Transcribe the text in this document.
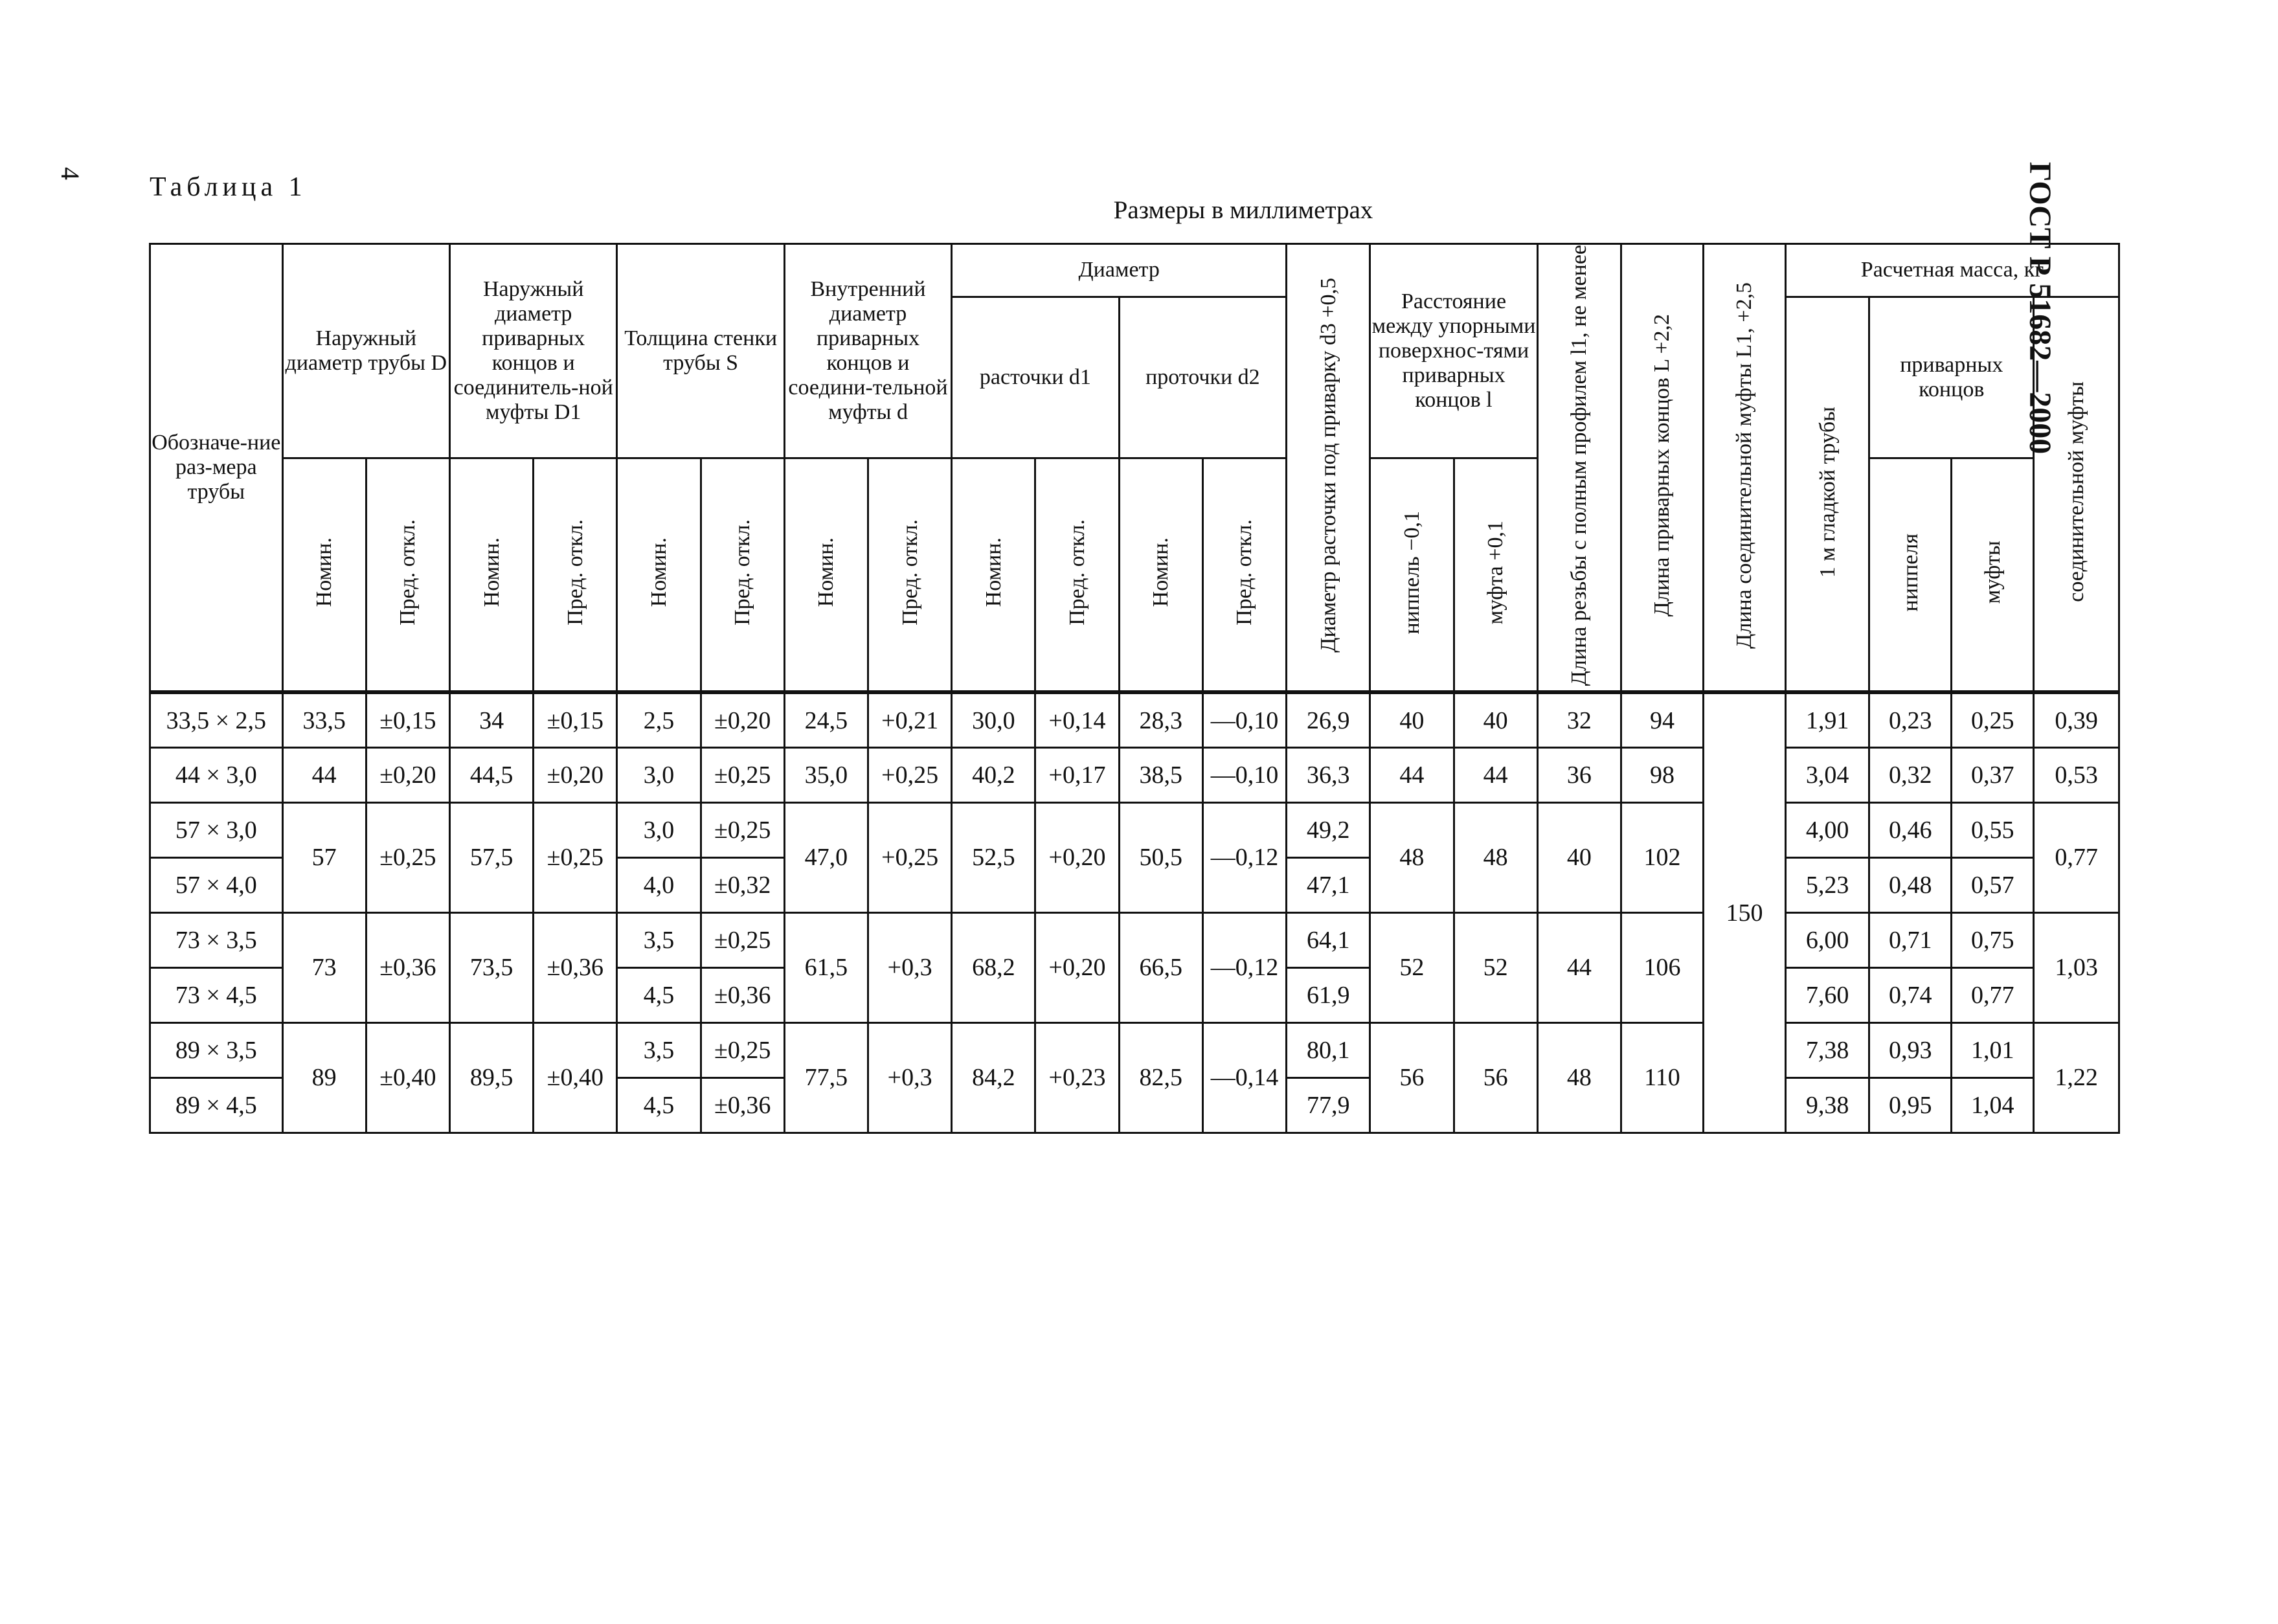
4 Таблица 1
Размеры в миллиметрах	ГОСТ Р 51682—2000
Обозначе-ние раз-мера трубы	Наружный диаметр трубы D		Наружный диаметр приварных концов и соединитель-ной муфты D1		Толщина стенки трубы S		Внутренний диаметр приварных концов и соедини-тельной муфты d		Диаметр				Диаметр расточки под приварку d3 +0,5	Расстояние между упорными поверхнос-тями приварных концов l		Длина резьбы с полным профилем l1, не менее	Длина приварных концов L +2,2	Длина соединительной муфты L1, +2,5	Расчетная масса, кг			
									расточки d1		проточки d2								1 м гладкой трубы	приварных концов		соединительной муфты
	Номин.	Пред. откл.	Номин.	Пред. откл.	Номин.	Пред. откл.	Номин.	Пред. откл.	Номин.	Пред. откл.	Номин.	Пред. откл.		ниппель −0,1	муфта +0,1					ниппеля	муфты	
33,5 × 2,5	33,5	±0,15	34	±0,15	2,5	±0,20	24,5	+0,21	30,0	+0,14	28,3	—0,10	26,9	40	40	32	94	150	1,91	0,23	0,25	0,39
44 × 3,0	44	±0,20	44,5	±0,20	3,0	±0,25	35,0	+0,25	40,2	+0,17	38,5	—0,10	36,3	44	44	36	98		3,04	0,32	0,37	0,53
57 × 3,0	57	±0,25	57,5	±0,25	3,0	±0,25	47,0	+0,25	52,5	+0,20	50,5	—0,12	49,2	48	48	40	102		4,00	0,46	0,55	0,77
57 × 4,0					4,0	±0,32							47,1						5,23	0,48	0,57	
73 × 3,5	73	±0,36	73,5	±0,36	3,5	±0,25	61,5	+0,3	68,2	+0,20	66,5	—0,12	64,1	52	52	44	106		6,00	0,71	0,75	1,03
73 × 4,5					4,5	±0,36							61,9						7,60	0,74	0,77	
89 × 3,5	89	±0,40	89,5	±0,40	3,5	±0,25	77,5	+0,3	84,2	+0,23	82,5	—0,14	80,1	56	56	48	110		7,38	0,93	1,01	1,22
89 × 4,5					4,5	±0,36							77,9						9,38	0,95	1,04	
